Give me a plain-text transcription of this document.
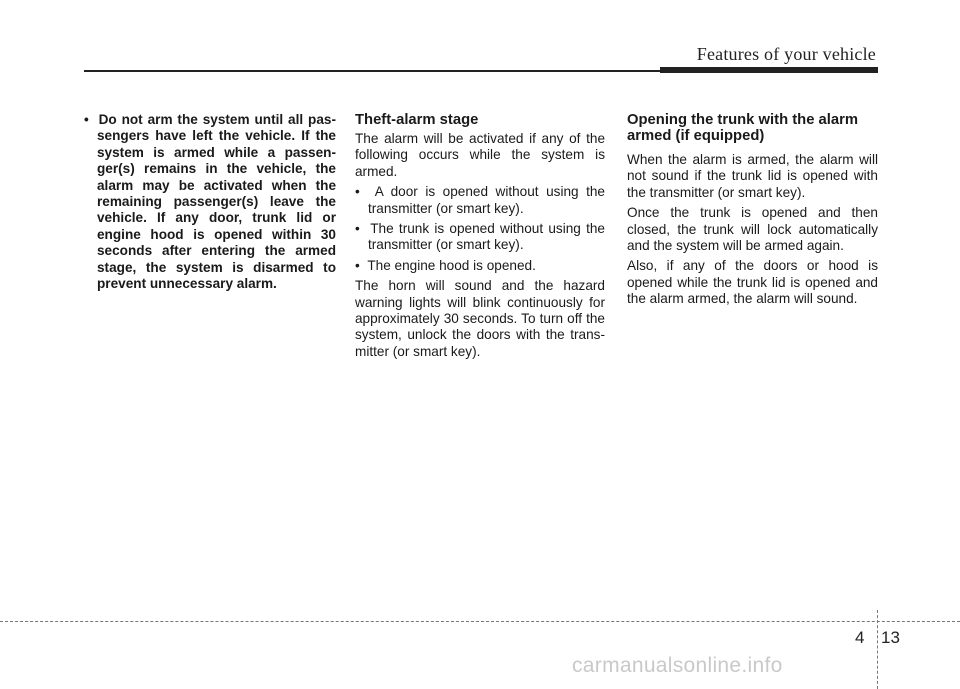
Features of your vehicle

• Do not arm the system until all pas-sengers have left the vehicle. If the system is armed while a passen-ger(s) remains in the vehicle, the alarm may be activated when the remaining passenger(s) leave the vehicle. If any door, trunk lid or engine hood is opened within 30 seconds after entering the armed stage, the system is disarmed to prevent unnecessary alarm.

Theft-alarm stage

The alarm will be activated if any of the following occurs while the system is armed.

• A door is opened without using the transmitter (or smart key).

• The trunk is opened without using the transmitter (or smart key).

• The engine hood is opened.

The horn will sound and the hazard warning lights will blink continuously for approximately 30 seconds. To turn off the system, unlock the doors with the trans-mitter (or smart key).

Opening the trunk with the alarm armed (if equipped)

When the alarm is armed, the alarm will not sound if the trunk lid is opened with the transmitter (or smart key).

Once the trunk is opened and then closed, the trunk will lock automatically and the system will be armed again.

Also, if any of the doors or hood is opened while the trunk lid is opened and the alarm armed, the alarm will sound.

4 13
carmanualsonline.info
